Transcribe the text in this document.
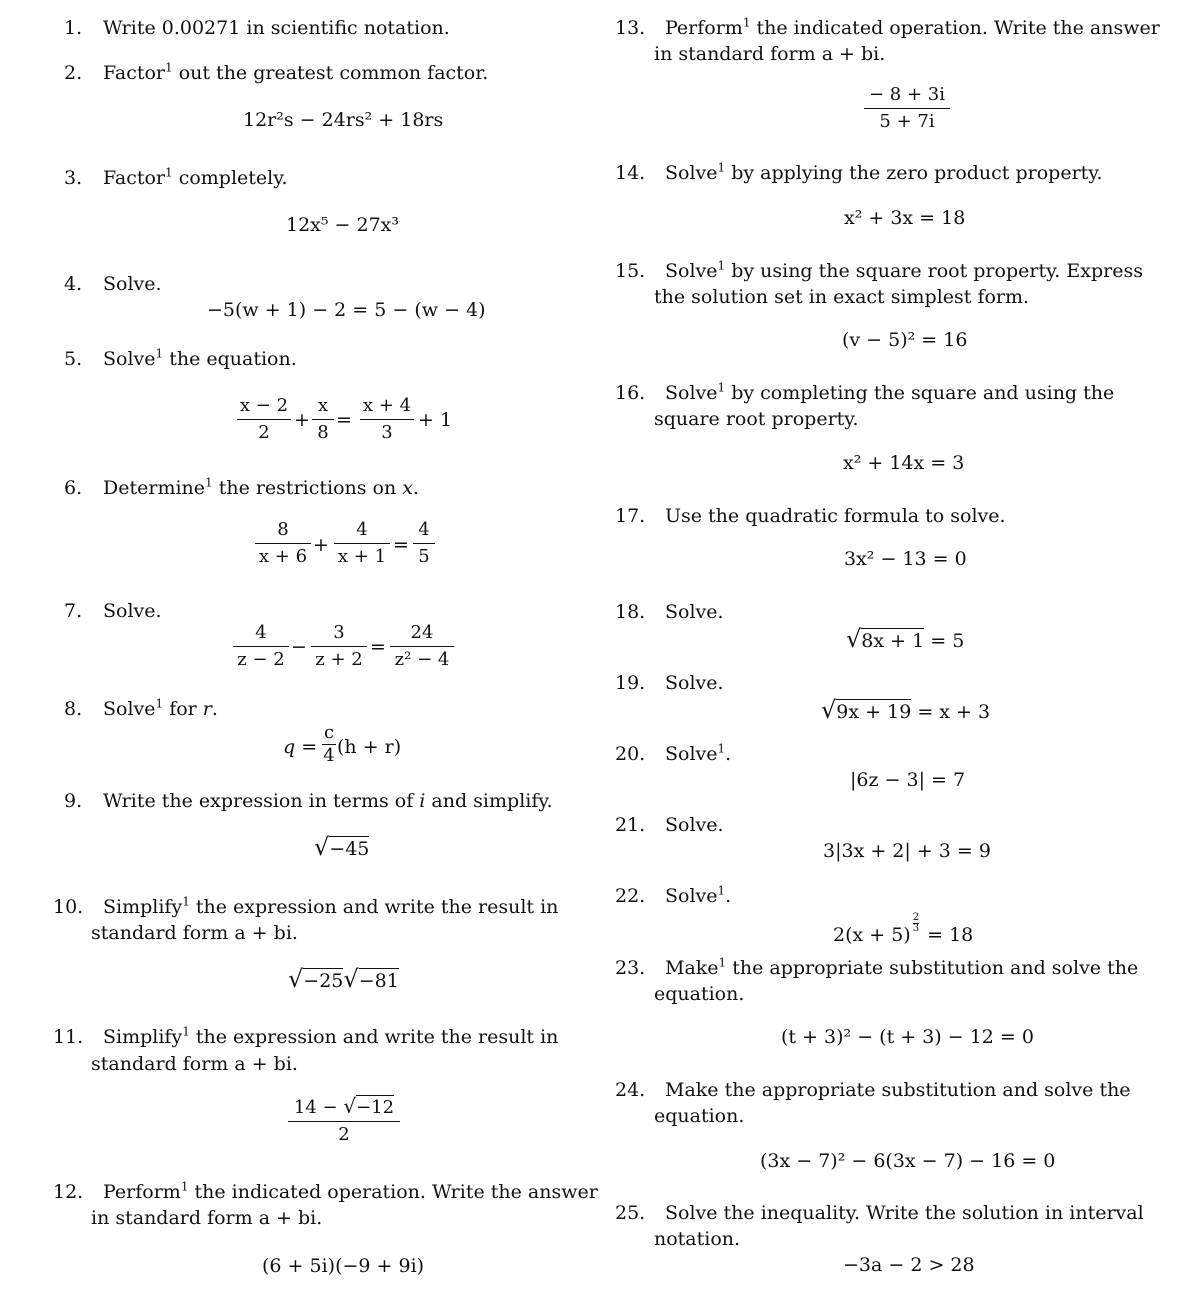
1. Write 0.00271 in scientific notation.
2. Factor$^1$ out the greatest common factor.
12r²s − 24rs² + 18rs
3. Factor$^1$ completely.
12x⁵ − 27x³
4. Solve.
−5(w + 1) − 2 = 5 − (w − 4)
5. Solve$^1$ the equation.
x − 2
2
+
x
8
=
x + 4
3
+ 1
6. Determine$^1$ the restrictions on x.
8
x + 6
+
4
x + 1
=
4
5
7. Solve.
4
z − 2
−
3
z + 2
=
24
z² − 4
8. Solve$^1$ for r.
q =
c
4 (h + r)
9. Write the expression in terms of i and simplify.
√−45
10. Simplify$^1$ the expression and write the result in
standard form a + bi.
√−25√−81
11. Simplify$^1$ the expression and write the result in
standard form a + bi.
14 − √−12
2
12. Perform$^1$ the indicated operation. Write the answer
in standard form a + bi.
(6 + 5i)(−9 + 9i)
13. Perform$^1$ the indicated operation. Write the answer
in standard form a + bi.
− 8 + 3i
5 + 7i
14. Solve$^1$ by applying the zero product property.
x² + 3x = 18
15. Solve$^1$ by using the square root property. Express
the solution set in exact simplest form.
(v − 5)² = 16
16. Solve$^1$ by completing the square and using the
square root property.
x² + 14x = 3
17. Use the quadratic formula to solve.
3x² − 13 = 0
18. Solve.
√8x + 1 = 5
19. Solve.
√9x + 19 = x + 3
20. Solve$^1$.
|6z − 3| = 7
21. Solve.
3|3x + 2| + 3 = 9
22. Solve$^1$.
2(x + 5)
$\frac{2}{3}$
= 18
23. Make$^1$ the appropriate substitution and solve the
equation.
(t + 3)² − (t + 3) − 12 = 0
24. Make the appropriate substitution and solve the
equation.
(3x − 7)² − 6(3x − 7) − 16 = 0
25. Solve the inequality. Write the solution in interval
notation.
−3a − 2 > 28
